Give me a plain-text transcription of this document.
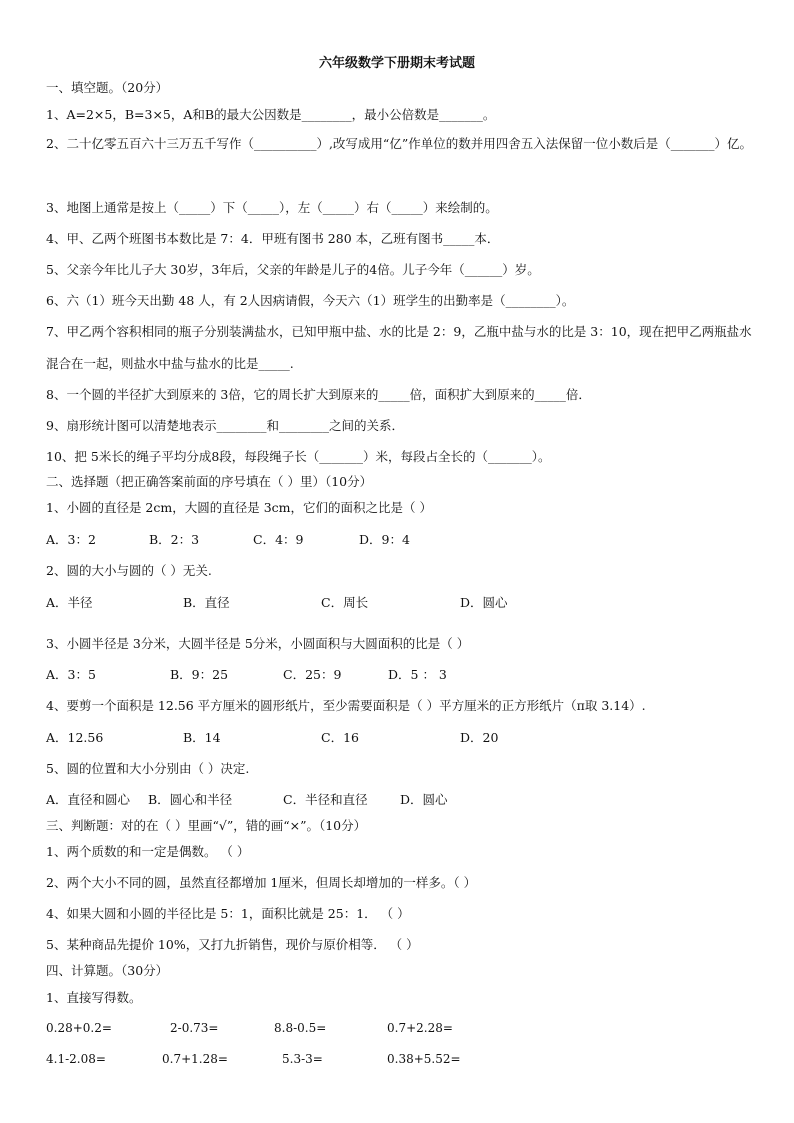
六年级数学下册期末考试题
一、填空题。（20分）
1、A=2×5，B=3×5，A和B的最大公因数是________，最小公倍数是_______。
2、二十亿零五百六十三万五千写作（__________）,改写成用“亿”作单位的数并用四舍五入法保留一位小数后是（_______）亿。
3、地图上通常是按上（_____）下（_____），左（_____）右（_____）来绘制的。
4、甲、乙两个班图书本数比是 7：4．甲班有图书 280 本，乙班有图书_____本．
5、父亲今年比儿子大 30岁，3年后，父亲的年龄是儿子的4倍。儿子今年（______）岁。
6、六（1）班今天出勤 48 人，有 2人因病请假，今天六（1）班学生的出勤率是（________）。
7、甲乙两个容积相同的瓶子分别装满盐水，已知甲瓶中盐、水的比是 2：9，乙瓶中盐与水的比是 3：10，现在把甲乙两瓶盐水混合在一起，则盐水中盐与盐水的比是_____.
8、一个圆的半径扩大到原来的 3倍，它的周长扩大到原来的_____倍，面积扩大到原来的_____倍．
9、扇形统计图可以清楚地表示________和________之间的关系．
10、把 5米长的绳子平均分成8段，每段绳子长（_______）米，每段占全长的（_______）。
二、选择题（把正确答案前面的序号填在（ ）里）（10分）
1、小圆的直径是 2cm，大圆的直径是 3cm，它们的面积之比是（ ）
A．3：2	B．2：3	C．4：9	D．9：4
2、圆的大小与圆的（ ）无关.
A．半径	B．直径	C．周长	D．圆心
3、小圆半径是 3分米，大圆半径是 5分米，小圆面积与大圆面积的比是（ ）
A．3：5	B．9：25	C．25：9	D．5 ： 3
4、要剪一个面积是 12.56 平方厘米的圆形纸片，至少需要面积是（ ）平方厘米的正方形纸片（π取 3.14）.
A．12.56	B．14	C．16	D．20
5、圆的位置和大小分别由（ ）决定.
A．直径和圆心 B．圆心和半径	C．半径和直径	D．圆心
三、判断题：对的在（ ）里画“√”，错的画“×”。（10分）
1、两个质数的和一定是偶数。 （ ）
2、两个大小不同的圆，虽然直径都增加 1厘米，但周长却增加的一样多。（ ）
4、如果大圆和小圆的半径比是 5：1，面积比就是 25：1． （ ）
5、某种商品先提价 10%，又打九折销售，现价与原价相等． （ ）
四、计算题。（30分）
1、直接写得数。
0.28+0.2=	2-0.73=	8.8-0.5=	0.7+2.28=
4.1-2.08=	0.7+1.28=	5.3-3=	0.38+5.52=
